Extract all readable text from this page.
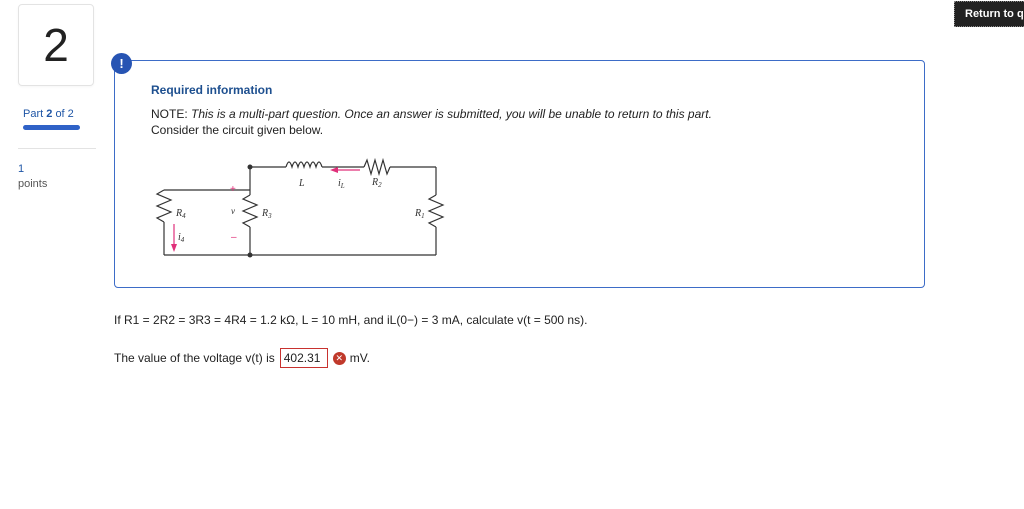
2
Part 2 of 2
1
points
!
Required information
NOTE: This is a multi-part question. Once an answer is submitted, you will be unable to return to this part.
Consider the circuit given below.
L	$i_L$	$R_2$
$R_1$
$R_3$
$R_4$
$i_4$
v
+
–
If R1 = 2R2 = 3R3 = 4R4 = 1.2 kΩ, L = 10 mH, and iL(0−) = 3 mA, calculate v(t = 500 ns).
The value of the voltage v(t) is 402.31	✕ mV.
Return to q
